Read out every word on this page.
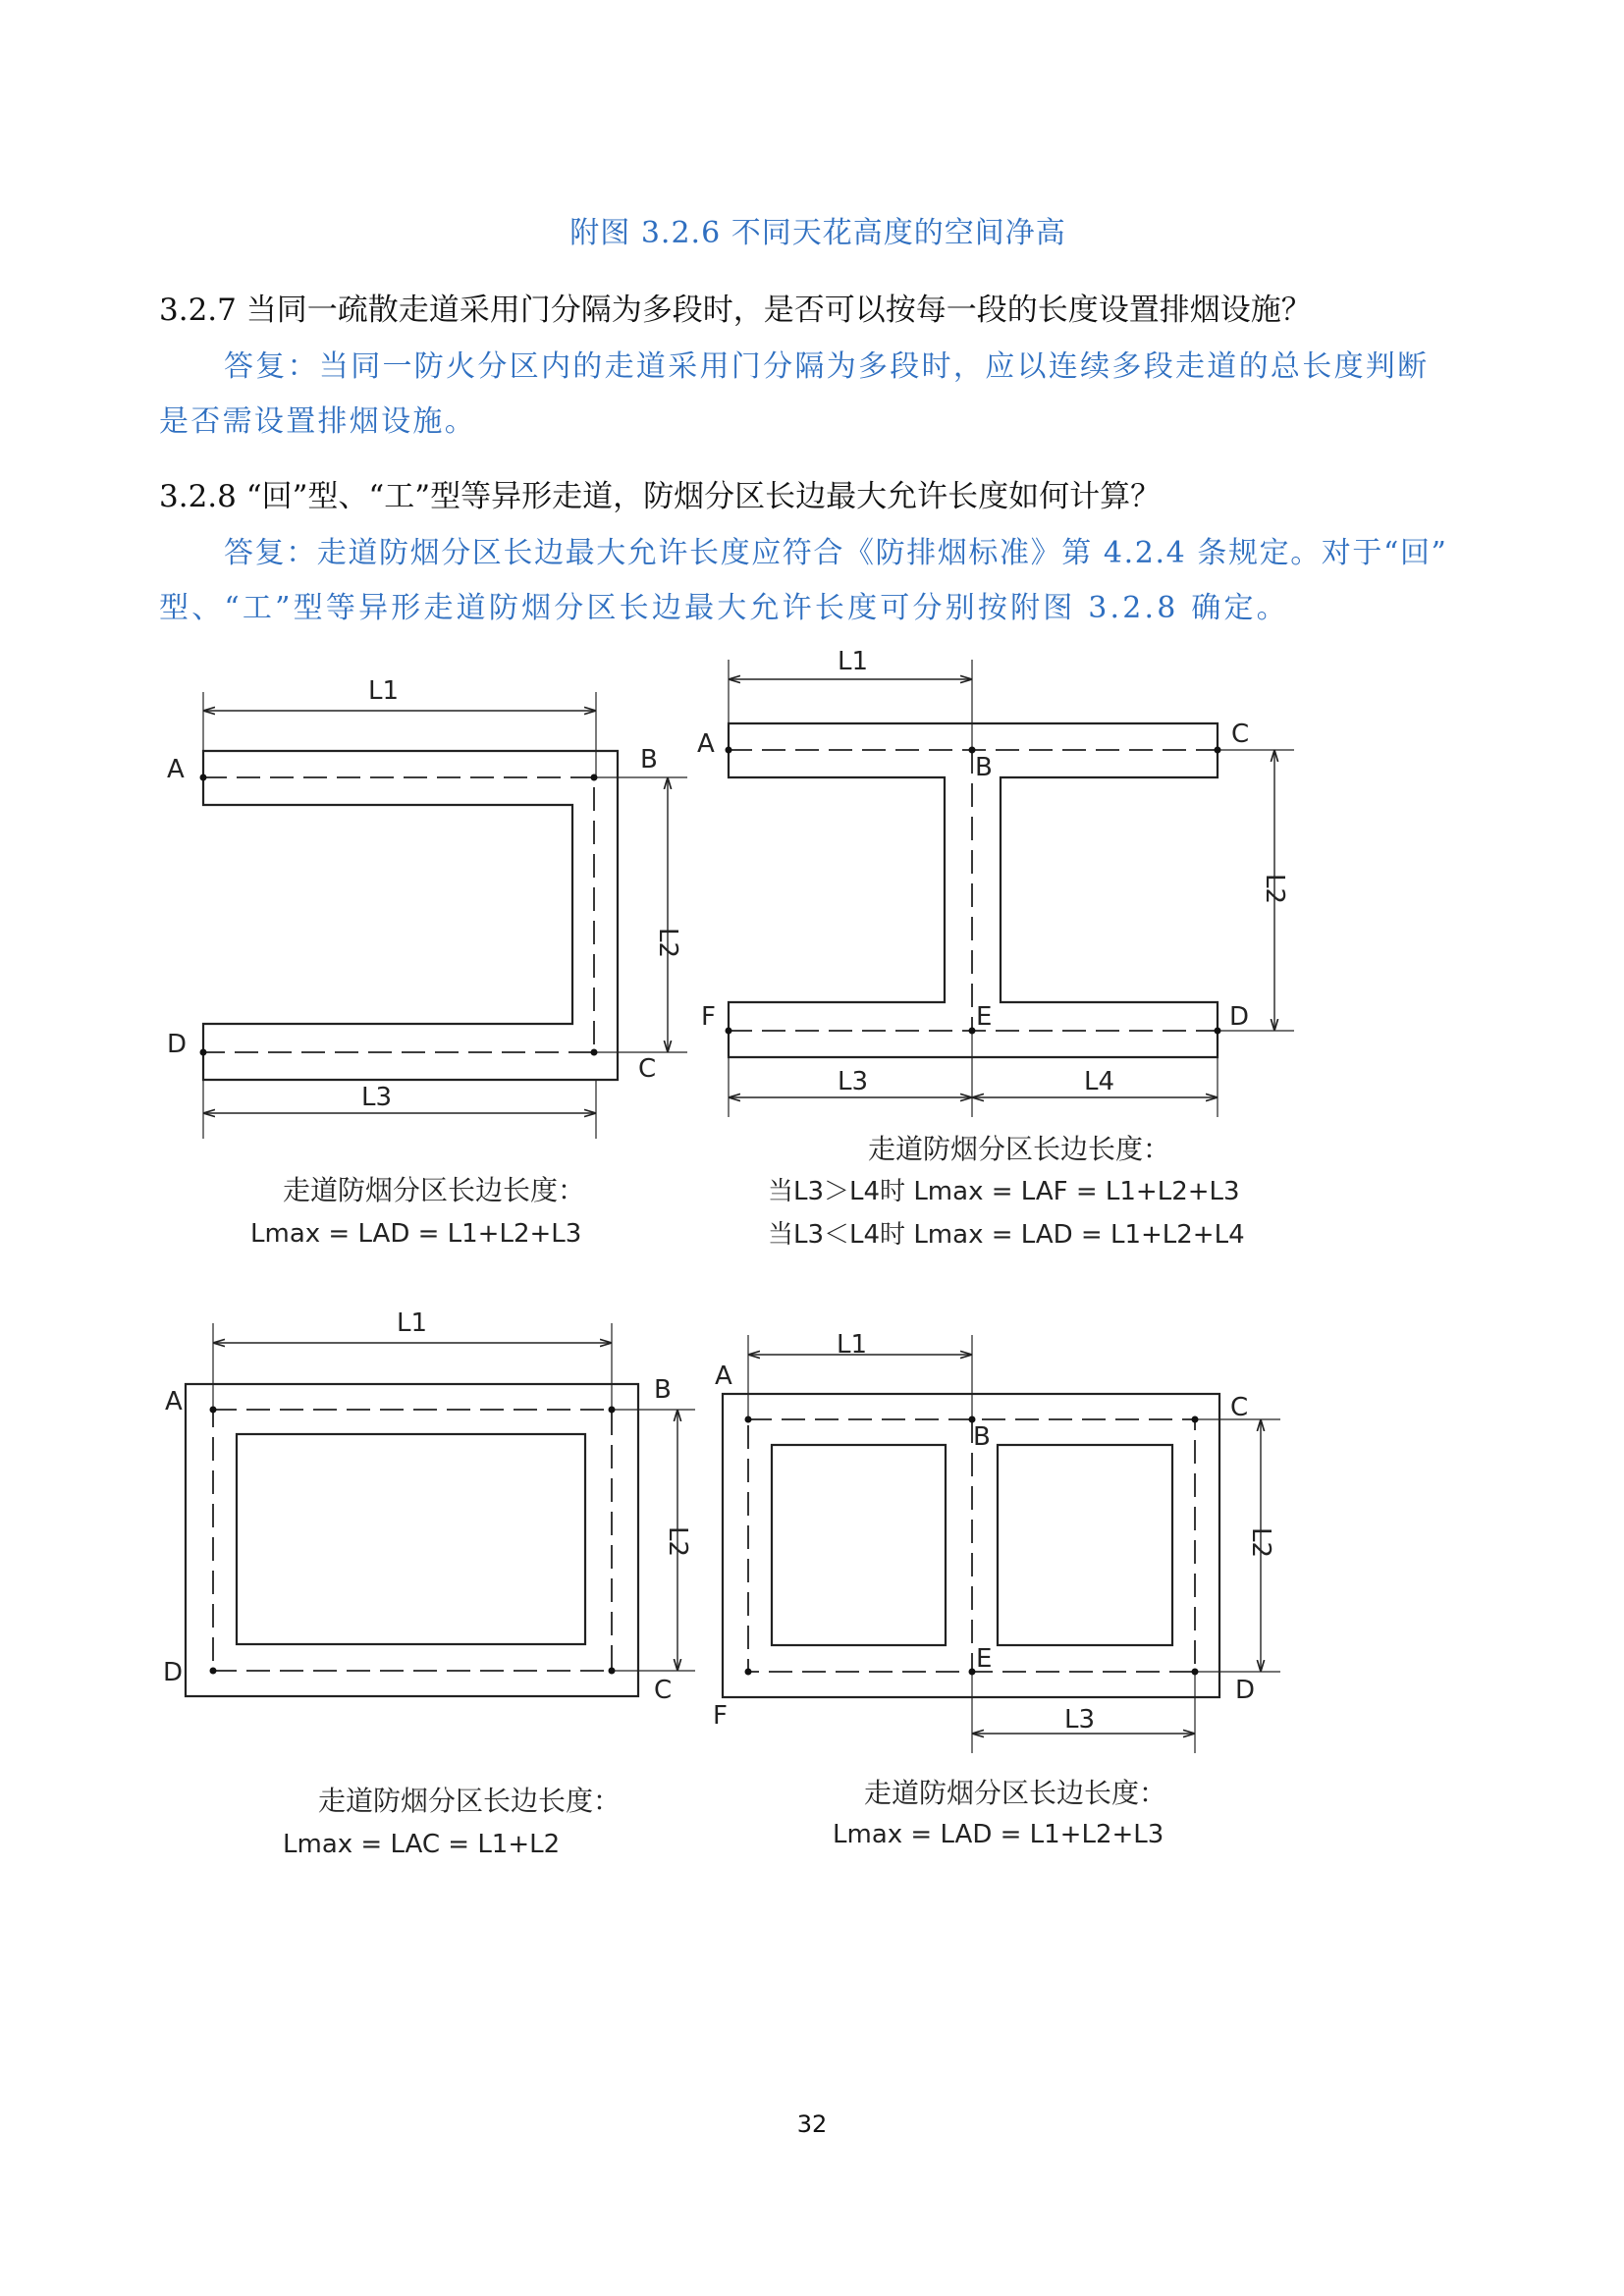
附图 3.2.6 不同天花高度的空间净高
3.2.7 当同一疏散走道采用门分隔为多段时，是否可以按每一段的长度设置排烟设施？
答复：当同一防火分区内的走道采用门分隔为多段时，应以连续多段走道的总长度判断
是否需设置排烟设施。
3.2.8 “回”型、“工”型等异形走道，防烟分区长边最大允许长度如何计算？
答复：走道防烟分区长边最大允许长度应符合《防排烟标准》第 4.2.4 条规定。对于“回”
型、“工”型等异形走道防烟分区长边最大允许长度可分别按附图 3.2.8 确定。
A	B
C
D
L1
L2
L3
A
B
C
D
E
F
L1
L2
L3	L4
A	B
C
D
L1
L2
A
B
C
D
E
F
L1
L2
L3
走道防烟分区长边长度：
Lmax = LAD = L1+L2+L3
走道防烟分区长边长度：
当L3＞L4时 Lmax = LAF = L1+L2+L3
当L3＜L4时 Lmax = LAD = L1+L2+L4
走道防烟分区长边长度：
Lmax = LAC = L1+L2
走道防烟分区长边长度：
Lmax = LAD = L1+L2+L3
32
